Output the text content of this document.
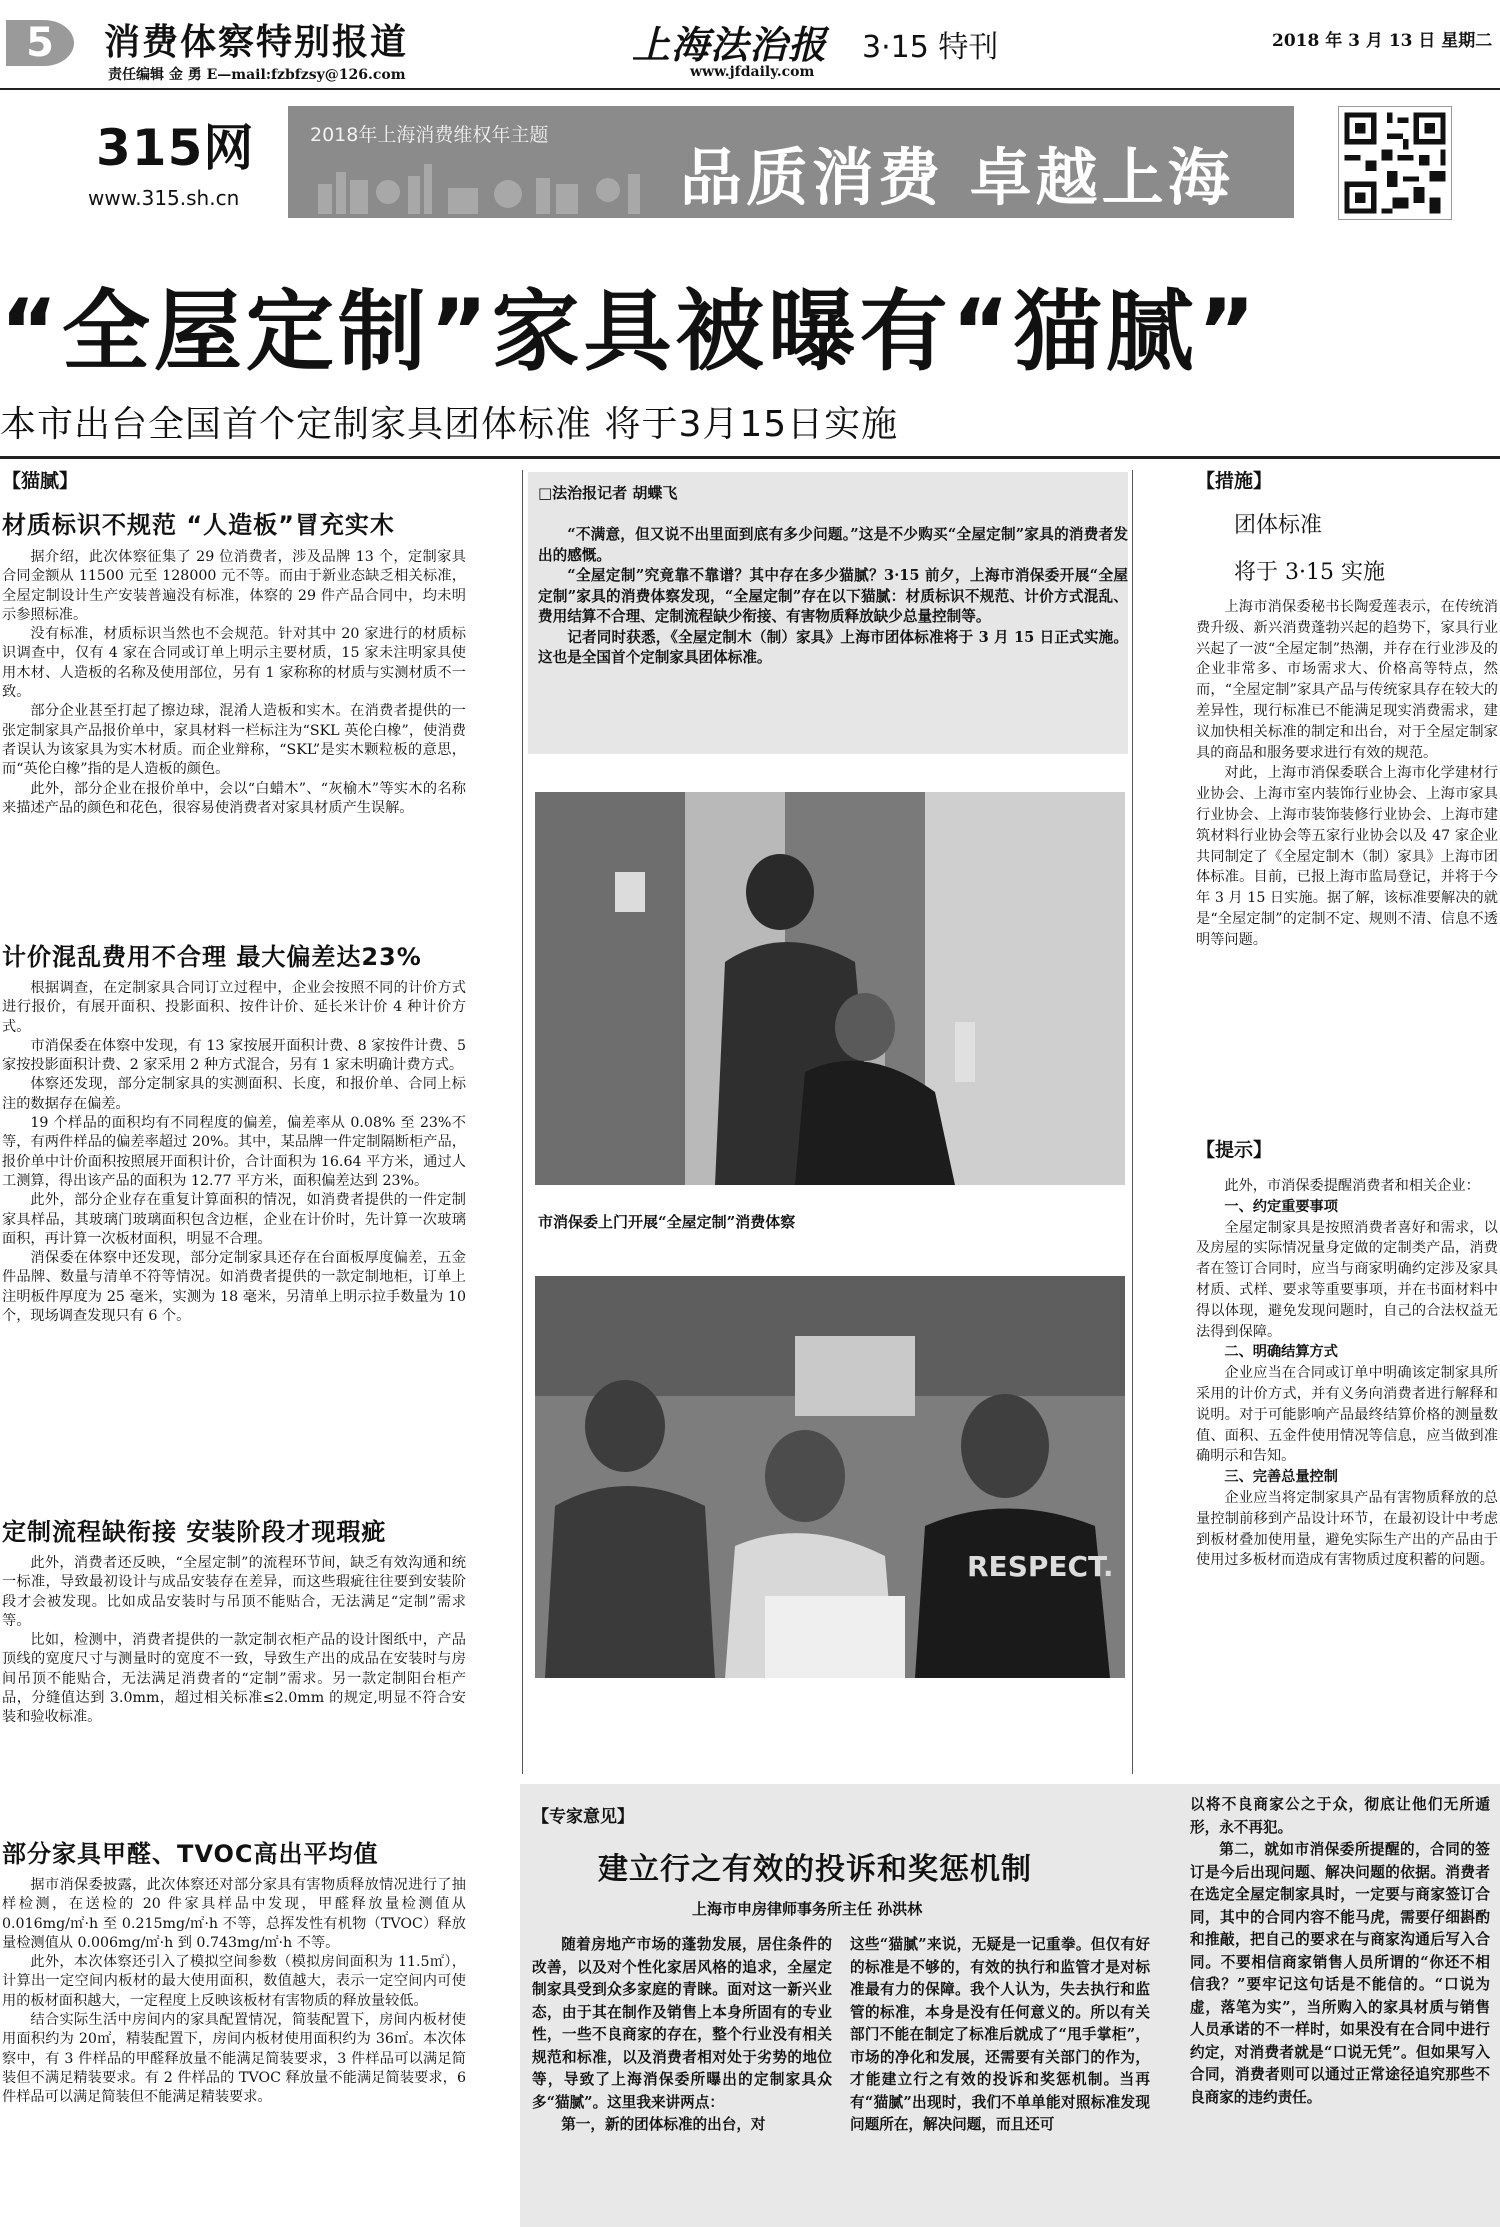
5	消费体察特别报道	上海法治报 3·15 特刊	2018 年 3 月 13 日 星期二
责任编辑 金 勇 E—mail:fzbfzsy@126.com	www.jfdaily.com
315网
www.315.sh.cn
2018年上海消费维权年主题
品质消费 卓越上海
“全屋定制”家具被曝有“猫腻”
本市出台全国首个定制家具团体标准 将于3月15日实施
【猫腻】
材质标识不规范 “人造板”冒充实木

据介绍，此次体察征集了 29 位消费者，涉及品牌 13 个，定制家具合同金额从 11500 元至 128000 元不等。而由于新业态缺乏相关标准，全屋定制设计生产安装普遍没有标准，体察的 29 件产品合同中，均未明示参照标准。

没有标准，材质标识当然也不会规范。针对其中 20 家进行的材质标识调查中，仅有 4 家在合同或订单上明示主要材质，15 家未注明家具使用木材、人造板的名称及使用部位，另有 1 家称称的材质与实测材质不一致。

部分企业甚至打起了擦边球，混淆人造板和实木。在消费者提供的一张定制家具产品报价单中，家具材料一栏标注为“SKL 英伦白橡”，使消费者误认为该家具为实木材质。而企业辩称，“SKL”是实木颗粒板的意思，而“英伦白橡”指的是人造板的颜色。

此外，部分企业在报价单中，会以“白蜡木”、“灰榆木”等实木的名称来描述产品的颜色和花色，很容易使消费者对家具材质产生误解。

计价混乱费用不合理 最大偏差达23%

根据调查，在定制家具合同订立过程中，企业会按照不同的计价方式进行报价，有展开面积、投影面积、按件计价、延长米计价 4 种计价方式。

市消保委在体察中发现，有 13 家按展开面积计费、8 家按件计费、5 家按投影面积计费、2 家采用 2 种方式混合，另有 1 家未明确计费方式。

体察还发现，部分定制家具的实测面积、长度，和报价单、合同上标注的数据存在偏差。

19 个样品的面积均有不同程度的偏差，偏差率从 0.08% 至 23%不等，有两件样品的偏差率超过 20%。其中，某品牌一件定制隔断柜产品，报价单中计价面积按照展开面积计价，合计面积为 16.64 平方米，通过人工测算，得出该产品的面积为 12.77 平方米，面积偏差达到 23%。

此外，部分企业存在重复计算面积的情况，如消费者提供的一件定制家具样品，其玻璃门玻璃面积包含边框，企业在计价时，先计算一次玻璃面积，再计算一次板材面积，明显不合理。

消保委在体察中还发现，部分定制家具还存在台面板厚度偏差，五金件品牌、数量与清单不符等情况。如消费者提供的一款定制地柜，订单上注明板件厚度为 25 毫米，实测为 18 毫米，另清单上明示拉手数量为 10 个，现场调查发现只有 6 个。

定制流程缺衔接 安装阶段才现瑕疵

此外，消费者还反映，“全屋定制”的流程环节间，缺乏有效沟通和统一标准，导致最初设计与成品安装存在差异，而这些瑕疵往往要到安装阶段才会被发现。比如成品安装时与吊顶不能贴合，无法满足“定制”需求等。

比如，检测中，消费者提供的一款定制衣柜产品的设计图纸中，产品顶线的宽度尺寸与测量时的宽度不一致，导致生产出的成品在安装时与房间吊顶不能贴合，无法满足消费者的“定制”需求。另一款定制阳台柜产品，分缝值达到 3.0mm，超过相关标准≤2.0mm 的规定,明显不符合安装和验收标准。

部分家具甲醛、TVOC高出平均值

据市消保委披露，此次体察还对部分家具有害物质释放情况进行了抽样检测，在送检的 20 件家具样品中发现，甲醛释放量检测值从 0.016mg/㎡·h 至 0.215mg/㎡·h 不等，总挥发性有机物（TVOC）释放量检测值从 0.006mg/㎡·h 到 0.743mg/㎡·h 不等。

此外，本次体察还引入了模拟空间参数（模拟房间面积为 11.5㎡），计算出一定空间内板材的最大使用面积，数值越大，表示一定空间内可使用的板材面积越大，一定程度上反映该板材有害物质的释放量较低。

结合实际生活中房间内的家具配置情况，简装配置下，房间内板材使用面积约为 20㎡，精装配置下，房间内板材使用面积约为 36㎡。本次体察中，有 3 件样品的甲醛释放量不能满足简装要求，3 件样品可以满足简装但不满足精装要求。有 2 件样品的 TVOC 释放量不能满足简装要求，6 件样品可以满足简装但不能满足精装要求。

□法治报记者 胡蝶飞

“不满意，但又说不出里面到底有多少问题。”这是不少购买“全屋定制”家具的消费者发出的感慨。

“全屋定制”究竟靠不靠谱？其中存在多少猫腻？3·15 前夕，上海市消保委开展“全屋定制”家具的消费体察发现，“全屋定制”存在以下猫腻：材质标识不规范、计价方式混乱、费用结算不合理、定制流程缺少衔接、有害物质释放缺少总量控制等。

记者同时获悉，《全屋定制木（制）家具》上海市团体标准将于 3 月 15 日正式实施。这也是全国首个定制家具团体标准。

市消保委上门开展“全屋定制”消费体察
RESPECT.
【措施】
团体标准
将于 3·15 实施

上海市消保委秘书长陶爱莲表示，在传统消费升级、新兴消费蓬勃兴起的趋势下，家具行业兴起了一波“全屋定制”热潮，并存在行业涉及的企业非常多、市场需求大、价格高等特点，然而，“全屋定制”家具产品与传统家具存在较大的差异性，现行标准已不能满足现实消费需求，建议加快相关标准的制定和出台，对于全屋定制家具的商品和服务要求进行有效的规范。

对此，上海市消保委联合上海市化学建材行业协会、上海市室内装饰行业协会、上海市家具行业协会、上海市装饰装修行业协会、上海市建筑材料行业协会等五家行业协会以及 47 家企业共同制定了《全屋定制木（制）家具》上海市团体标准。目前，已报上海市监局登记，并将于今年 3 月 15 日实施。据了解，该标准要解决的就是“全屋定制”的定制不定、规则不清、信息不透明等问题。

【提示】

此外，市消保委提醒消费者和相关企业：

一、约定重要事项

全屋定制家具是按照消费者喜好和需求，以及房屋的实际情况量身定做的定制类产品，消费者在签订合同时，应当与商家明确约定涉及家具材质、式样、要求等重要事项，并在书面材料中得以体现，避免发现问题时，自己的合法权益无法得到保障。

二、明确结算方式

企业应当在合同或订单中明确该定制家具所采用的计价方式，并有义务向消费者进行解释和说明。对于可能影响产品最终结算价格的测量数值、面积、五金件使用情况等信息，应当做到准确明示和告知。

三、完善总量控制

企业应当将定制家具产品有害物质释放的总量控制前移到产品设计环节，在最初设计中考虑到板材叠加使用量，避免实际生产出的产品由于使用过多板材而造成有害物质过度积蓄的问题。

【专家意见】
建立行之有效的投诉和奖惩机制
上海市申房律师事务所主任 孙洪林

随着房地产市场的蓬勃发展，居住条件的改善，以及对个性化家居风格的追求，全屋定制家具受到众多家庭的青睐。面对这一新兴业态，由于其在制作及销售上本身所固有的专业性，一些不良商家的存在，整个行业没有相关规范和标准，以及消费者相对处于劣势的地位等，导致了上海消保委所曝出的定制家具众多“猫腻”。这里我来讲两点：

第一，新的团体标准的出台，对

这些“猫腻”来说，无疑是一记重拳。但仅有好的标准是不够的，有效的执行和监管才是对标准最有力的保障。我个人认为，失去执行和监管的标准，本身是没有任何意义的。所以有关部门不能在制定了标准后就成了“甩手掌柜”，市场的净化和发展，还需要有关部门的作为，才能建立行之有效的投诉和奖惩机制。当再有“猫腻”出现时，我们不单单能对照标准发现问题所在，解决问题，而且还可

以将不良商家公之于众，彻底让他们无所遁形，永不再犯。

第二，就如市消保委所提醒的，合同的签订是今后出现问题、解决问题的依据。消费者在选定全屋定制家具时，一定要与商家签订合同，其中的合同内容不能马虎，需要仔细斟酌和推敲，把自己的要求在与商家沟通后写入合同。不要相信商家销售人员所谓的“你还不相信我？”要牢记这句话是不能信的。“口说为虚，落笔为实”，当所购入的家具材质与销售人员承诺的不一样时，如果没有在合同中进行约定，对消费者就是“口说无凭”。但如果写入合同，消费者则可以通过正常途径追究那些不良商家的违约责任。
